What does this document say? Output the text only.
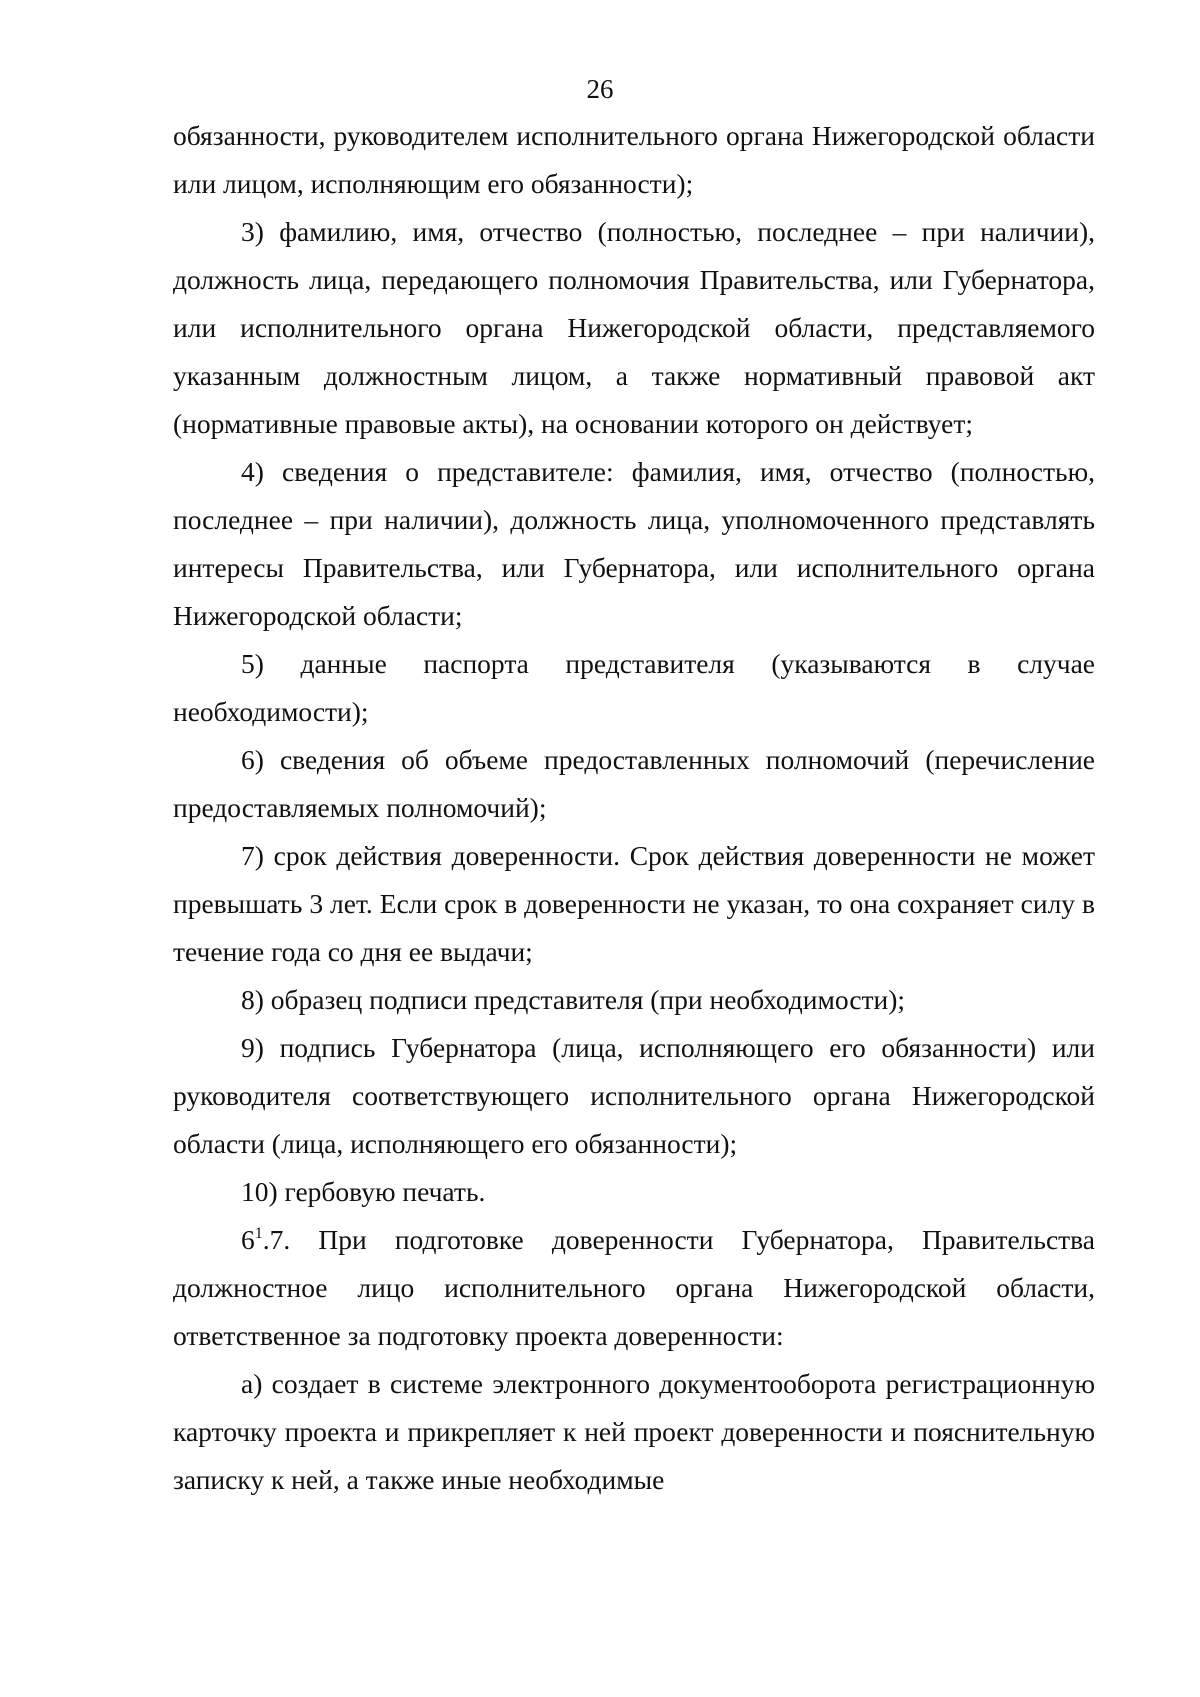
26

обязанности, руководителем исполнительного органа Нижегородской области или лицом, исполняющим его обязанности);

3) фамилию, имя, отчество (полностью, последнее – при наличии), должность лица, передающего полномочия Правительства, или Губернатора, или исполнительного органа Нижегородской области, представляемого указанным должностным лицом, а также нормативный правовой акт (нормативные правовые акты), на основании которого он действует;

4) сведения о представителе: фамилия, имя, отчество (полностью, последнее – при наличии), должность лица, уполномоченного представлять интересы Правительства, или Губернатора, или исполнительного органа Нижегородской области;

5) данные паспорта представителя (указываются в случае необходимости);

6) сведения об объеме предоставленных полномочий (перечисление предоставляемых полномочий);

7) срок действия доверенности. Срок действия доверенности не может превышать 3 лет. Если срок в доверенности не указан, то она сохраняет силу в течение года со дня ее выдачи;

8) образец подписи представителя (при необходимости);

9) подпись Губернатора (лица, исполняющего его обязанности) или руководителя соответствующего исполнительного органа Нижегородской области (лица, исполняющего его обязанности);

10) гербовую печать.

$6^1.7$. При подготовке доверенности Губернатора, Правительства должностное лицо исполнительного органа Нижегородской области, ответственное за подготовку проекта доверенности:

а) создает в системе электронного документооборота регистрационную карточку проекта и прикрепляет к ней проект доверенности и пояснительную записку к ней, а также иные необходимые
